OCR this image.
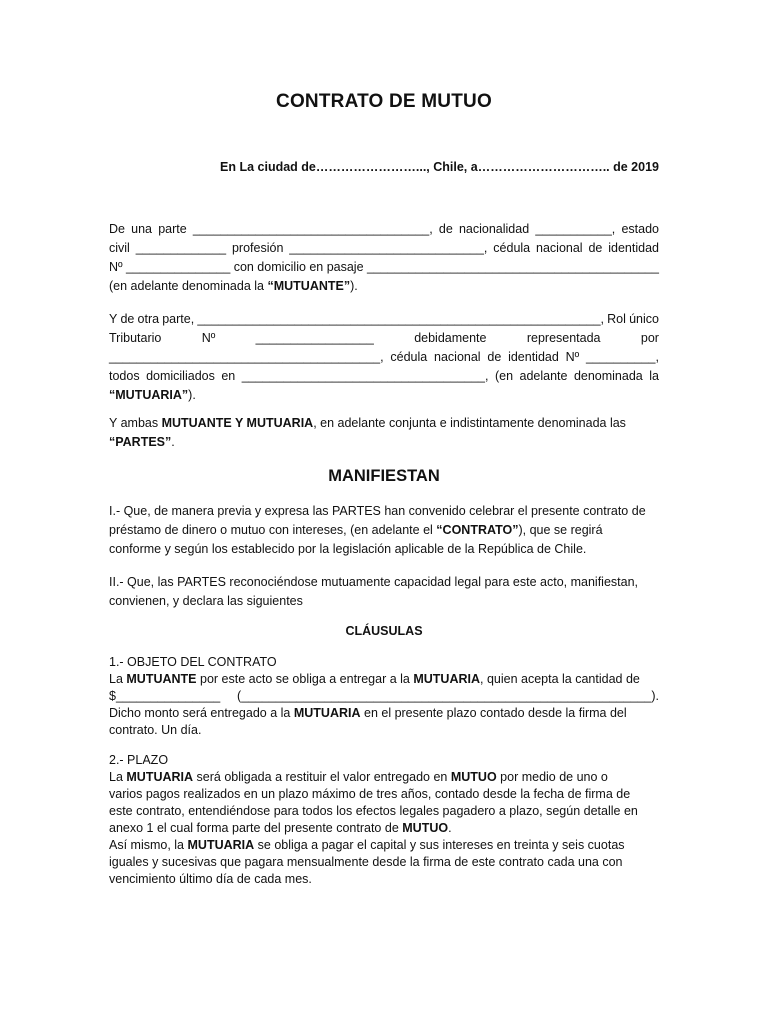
CONTRATO DE MUTUO
En La ciudad de……………………..., Chile, a………………………….. de 2019
De una parte __________________________________, de nacionalidad ___________, estado
civil _____________ profesión ____________________________, cédula nacional de identidad
Nº _______________ con domicilio en pasaje __________________________________________
(en adelante denominada la “MUTUANTE”).
Y de otra parte, __________________________________________________________, Rol único
Tributario	Nº	_________________	debidamente	representada	por
_______________________________________, cédula nacional de identidad Nº __________,
todos domiciliados en ___________________________________, (en adelante denominada la
“MUTUARIA”).
Y ambas MUTUANTE Y MUTUARIA, en adelante conjunta e indistintamente denominada las
“PARTES”.
MANIFIESTAN
I.- Que, de manera previa y expresa las PARTES han convenido celebrar el presente contrato de
préstamo de dinero o mutuo con intereses, (en adelante el “CONTRATO”), que se regirá
conforme y según los establecido por la legislación aplicable de la República de Chile.
II.- Que, las PARTES reconociéndose mutuamente capacidad legal para este acto, manifiestan,
convienen, y declara las siguientes
CLÁUSULAS
1.- OBJETO DEL CONTRATO
La MUTUANTE por este acto se obliga a entregar a la MUTUARIA, quien acepta la cantidad de
$_______________ (___________________________________________________________).
Dicho monto será entregado a la MUTUARIA en el presente plazo contado desde la firma del
contrato. Un día.
2.- PLAZO
La MUTUARIA será obligada a restituir el valor entregado en MUTUO por medio de uno o
varios pagos realizados en un plazo máximo de tres años, contado desde la fecha de firma de
este contrato, entendiéndose para todos los efectos legales pagadero a plazo, según detalle en
anexo 1 el cual forma parte del presente contrato de MUTUO.
Así mismo, la MUTUARIA se obliga a pagar el capital y sus intereses en treinta y seis cuotas
iguales y sucesivas que pagara mensualmente desde la firma de este contrato cada una con
vencimiento último día de cada mes.
